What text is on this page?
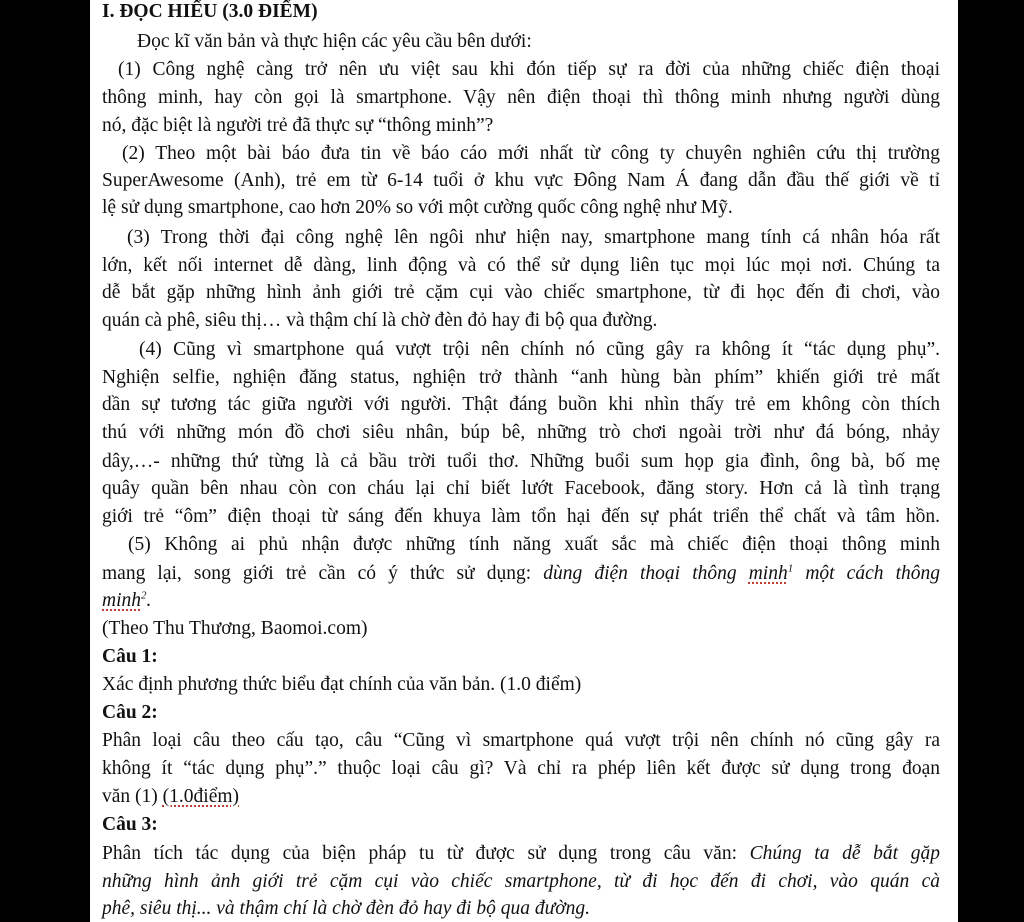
I. ĐỌC HIỂU (3.0 ĐIỂM)
Đọc kĩ văn bản và thực hiện các yêu cầu bên dưới:
(1) Công nghệ càng trở nên ưu việt sau khi đón tiếp sự ra đời của những chiếc điện thoại
thông minh, hay còn gọi là smartphone. Vậy nên điện thoại thì thông minh nhưng người dùng
nó, đặc biệt là người trẻ đã thực sự “thông minh”?
(2) Theo một bài báo đưa tin về báo cáo mới nhất từ công ty chuyên nghiên cứu thị trường
SuperAwesome (Anh), trẻ em từ 6-14 tuổi ở khu vực Đông Nam Á đang dẫn đầu thế giới về tỉ
lệ sử dụng smartphone, cao hơn 20% so với một cường quốc công nghệ như Mỹ.
(3) Trong thời đại công nghệ lên ngôi như hiện nay, smartphone mang tính cá nhân hóa rất
lớn, kết nối internet dễ dàng, linh động và có thể sử dụng liên tục mọi lúc mọi nơi. Chúng ta
dễ bắt gặp những hình ảnh giới trẻ cặm cụi vào chiếc smartphone, từ đi học đến đi chơi, vào
quán cà phê, siêu thị… và thậm chí là chờ đèn đỏ hay đi bộ qua đường.
(4) Cũng vì smartphone quá vượt trội nên chính nó cũng gây ra không ít “tác dụng phụ”.
Nghiện selfie, nghiện đăng status, nghiện trở thành “anh hùng bàn phím” khiến giới trẻ mất
dần sự tương tác giữa người với người. Thật đáng buồn khi nhìn thấy trẻ em không còn thích
thú với những món đồ chơi siêu nhân, búp bê, những trò chơi ngoài trời như đá bóng, nhảy
dây,…- những thứ từng là cả bầu trời tuổi thơ. Những buổi sum họp gia đình, ông bà, bố mẹ
quây quần bên nhau còn con cháu lại chỉ biết lướt Facebook, đăng story. Hơn cả là tình trạng
giới trẻ “ôm” điện thoại từ sáng đến khuya làm tổn hại đến sự phát triển thể chất và tâm hồn.
(5) Không ai phủ nhận được những tính năng xuất sắc mà chiếc điện thoại thông minh
mang lại, song giới trẻ cần có ý thức sử dụng: dùng điện thoại thông minh$^1$ một cách thông
minh$^2$.
(Theo Thu Thương, Baomoi.com)
Câu 1:
Xác định phương thức biểu đạt chính của văn bản. (1.0 điểm)
Câu 2:
Phân loại câu theo cấu tạo, câu “Cũng vì smartphone quá vượt trội nên chính nó cũng gây ra
không ít “tác dụng phụ”.” thuộc loại câu gì? Và chỉ ra phép liên kết được sử dụng trong đoạn
văn (1) (1.0điểm)
Câu 3:
Phân tích tác dụng của biện pháp tu từ được sử dụng trong câu văn: Chúng ta dễ bắt gặp
những hình ảnh giới trẻ cặm cụi vào chiếc smartphone, từ đi học đến đi chơi, vào quán cà
phê, siêu thị... và thậm chí là chờ đèn đỏ hay đi bộ qua đường.
